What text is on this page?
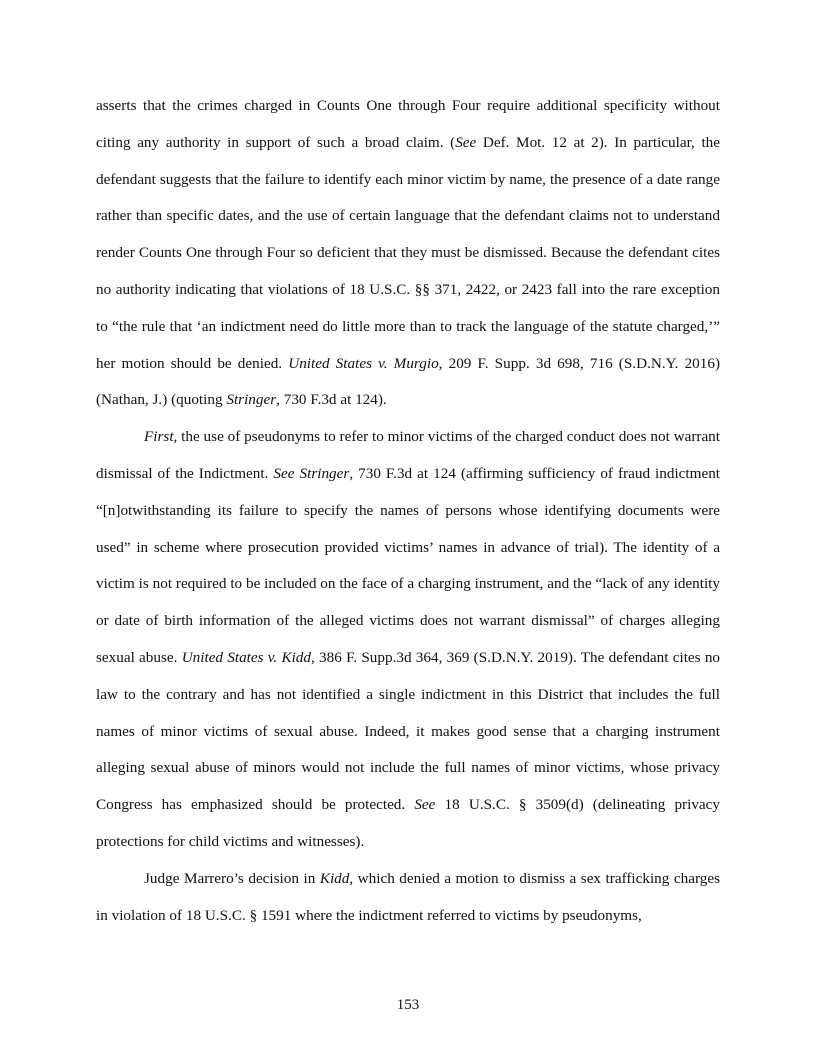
asserts that the crimes charged in Counts One through Four require additional specificity without citing any authority in support of such a broad claim. (See Def. Mot. 12 at 2). In particular, the defendant suggests that the failure to identify each minor victim by name, the presence of a date range rather than specific dates, and the use of certain language that the defendant claims not to understand render Counts One through Four so deficient that they must be dismissed. Because the defendant cites no authority indicating that violations of 18 U.S.C. §§ 371, 2422, or 2423 fall into the rare exception to “the rule that ‘an indictment need do little more than to track the language of the statute charged,’” her motion should be denied. United States v. Murgio, 209 F. Supp. 3d 698, 716 (S.D.N.Y. 2016) (Nathan, J.) (quoting Stringer, 730 F.3d at 124).

First, the use of pseudonyms to refer to minor victims of the charged conduct does not warrant dismissal of the Indictment. See Stringer, 730 F.3d at 124 (affirming sufficiency of fraud indictment “[n]otwithstanding its failure to specify the names of persons whose identifying documents were used” in scheme where prosecution provided victims’ names in advance of trial). The identity of a victim is not required to be included on the face of a charging instrument, and the “lack of any identity or date of birth information of the alleged victims does not warrant dismissal” of charges alleging sexual abuse. United States v. Kidd, 386 F. Supp.3d 364, 369 (S.D.N.Y. 2019). The defendant cites no law to the contrary and has not identified a single indictment in this District that includes the full names of minor victims of sexual abuse. Indeed, it makes good sense that a charging instrument alleging sexual abuse of minors would not include the full names of minor victims, whose privacy Congress has emphasized should be protected. See 18 U.S.C. § 3509(d) (delineating privacy protections for child victims and witnesses).

Judge Marrero’s decision in Kidd, which denied a motion to dismiss a sex trafficking charges in violation of 18 U.S.C. § 1591 where the indictment referred to victims by pseudonyms,

153
